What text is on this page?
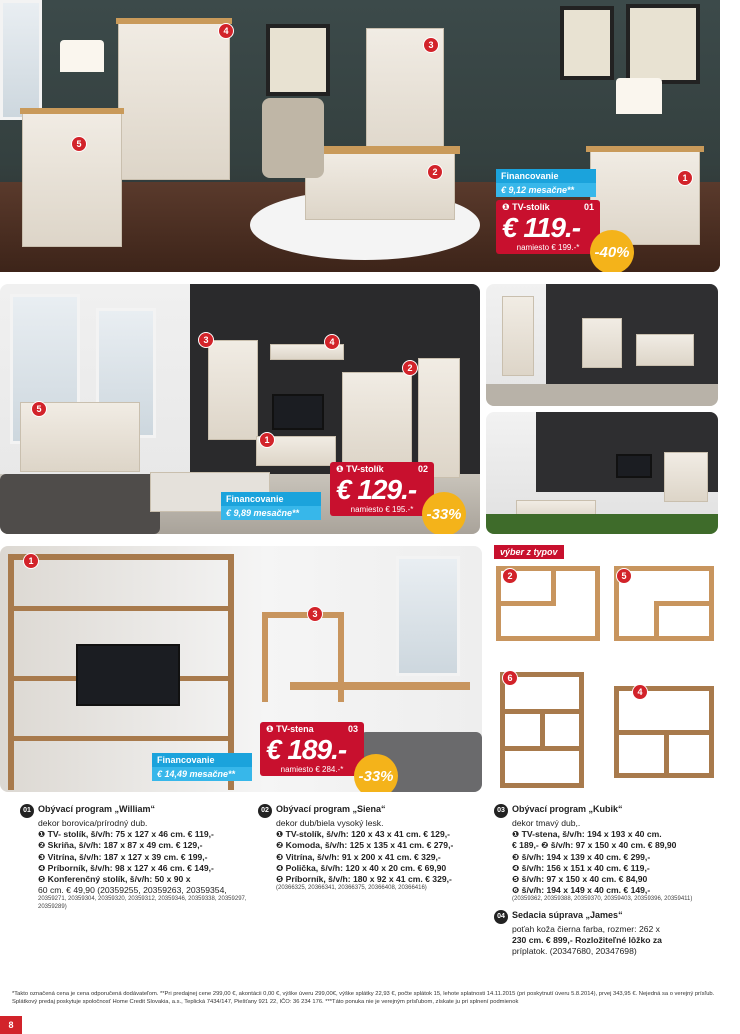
4
3
5
2
1
Financovanie
€ 9,12 mesačne**
❶ TV-stolík	01
€ 119.-
namiesto € 199.-*	-40%
3	4
2
5
1
Financovanie
€ 9,89 mesačne**
❶ TV-stolík	02
€ 129.-
namiesto € 195.-* -33%
1
3
Financovanie
€ 14,49 mesačne**
❶ TV-stena	03
€ 189.-
namiesto € 284.-*	-33%
výber z typov
2	5
6
4
01 Obývací program „William“
dekor borovica/prírodný dub.
❶ TV- stolík, š/v/h: 75 x 127 x 46 cm. € 119,-
❷ Skriňa, š/v/h: 187 x 87 x 49 cm. € 129,-
❸ Vitrína, š/v/h: 187 x 127 x 39 cm. € 199,-
❹ Príborník, š/v/h: 98 x 127 x 46 cm. € 149,-
❺ Konferenčný stolík, š/v/h: 50 x 90 x
60 cm. € 49,90 (20359255, 20359263, 20359354,
20359271, 20359304, 20359320, 20359312, 20359346, 20359338, 20359297, 20359289)
02 Obývací program „Siena“
dekor dub/biela vysoký lesk.
❶ TV-stolík, š/v/h: 120 x 43 x 41 cm. € 129,-
❷ Komoda, š/v/h: 125 x 135 x 41 cm. € 279,-
❸ Vitrína, š/v/h: 91 x 200 x 41 cm. € 329,-
❹ Polička, š/v/h: 120 x 40 x 20 cm. € 69,90
❺ Príborník, š/v/h: 180 x 92 x 41 cm. € 329,-
(20366325, 20366341, 20366375, 20366408, 20366416)
03 Obývací program „Kubik“
dekor tmavý dub,.
❶ TV-stena, š/v/h: 194 x 193 x 40 cm.
€ 189,- ❷ š/v/h: 97 x 150 x 40 cm. € 89,90
❸ š/v/h: 194 x 139 x 40 cm. € 299,-
❹ š/v/h: 156 x 151 x 40 cm. € 119,-
❺ š/v/h: 97 x 150 x 40 cm. € 84,90
❻ š/v/h: 194 x 149 x 40 cm. € 149,-
(20359362, 20359388, 20359370, 20359403, 20359396, 20359411)
04 Sedacia súprava „James“
poťah koža čierna farba, rozmer: 262 x
230 cm. € 899,- Rozložiteľné lôžko za
príplatok. (20347680, 20347698)
*Takto označená cena je cena odporučená dodávateľom. **Pri predajnej cene 299,00 €, akontácii 0,00 €, výške úveru 299,00€, výške splátky 22,93 €, počte splátok 15, lehote splatnosti 14.11.2015 (pri poskytnutí úveru 5.8.2014), prvej 343,95 €. Nejedná sa o verejný prísľub. Splátkový predaj poskytuje spoločnosť Home Credit Slovakia, a.s., Teplická 7434/147, Piešťany 921 22, IČO: 36 234 176. ***Táto ponuka nie je verejným prísľubom, získate ju pri splnení podmienok
8
